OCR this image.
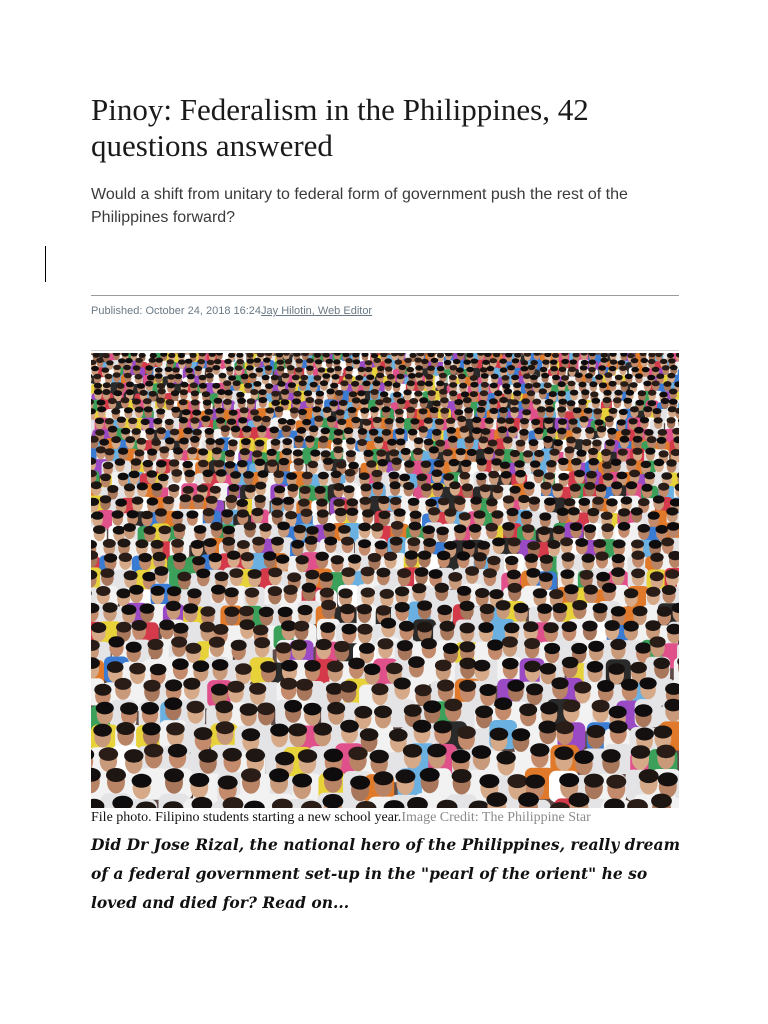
Pinoy: Federalism in the Philippines, 42 questions answered

Would a shift from unitary to federal form of government push the rest of the Philippines forward?

Published: October 24, 2018 16:24Jay Hilotin, Web Editor
File photo. Filipino students starting a new school year.Image Credit: The Philippine Star

Did Dr Jose Rizal, the national hero of the Philippines, really dream of a federal government set-up in the "pearl of the orient" he so loved and died for? Read on...
